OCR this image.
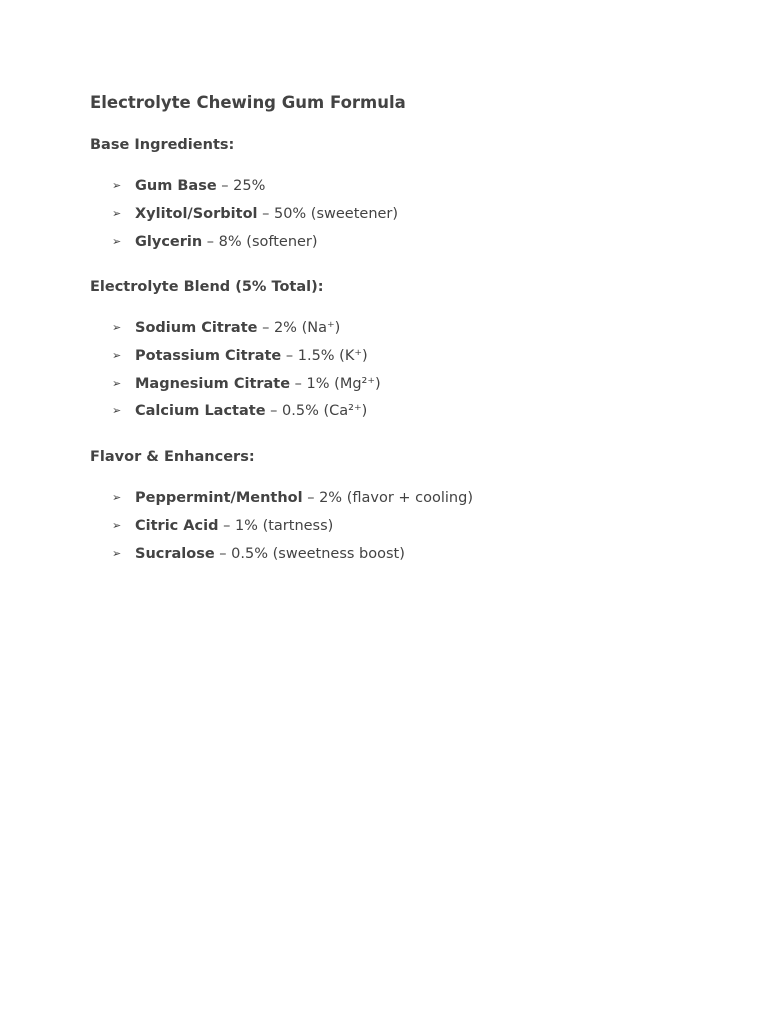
Electrolyte Chewing Gum Formula
Base Ingredients:
➢ Gum Base – 25%
➢ Xylitol/Sorbitol – 50% (sweetener)
➢ Glycerin – 8% (softener)
Electrolyte Blend (5% Total):
➢ Sodium Citrate – 2% (Na⁺)
➢ Potassium Citrate – 1.5% (K⁺)
➢ Magnesium Citrate – 1% (Mg²⁺)
➢ Calcium Lactate – 0.5% (Ca²⁺)
Flavor & Enhancers:
➢ Peppermint/Menthol – 2% (flavor + cooling)
➢ Citric Acid – 1% (tartness)
➢ Sucralose – 0.5% (sweetness boost)
